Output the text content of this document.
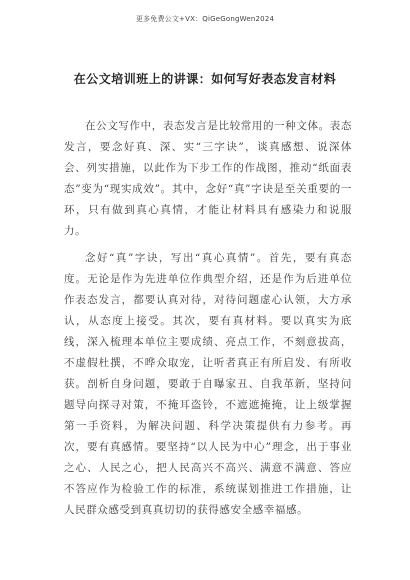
更多免费公文+VX：QiGeGongWen2024
在公文培训班上的讲课：如何写好表态发言材料

在公文写作中，表态发言是比较常用的一种文体。表态发言，要念好真、深、实“三字诀”，谈真感想、说深体会、列实措施，以此作为下步工作的作战图，推动“纸面表态”变为“现实成效”。其中，念好“真”字诀是至关重要的一环，只有做到真心真情，才能让材料具有感染力和说服力。

念好“真”字诀，写出“真心真情”。首先，要有真态度。无论是作为先进单位作典型介绍，还是作为后进单位作表态发言，都要认真对待，对待问题虚心认领，大方承认，从态度上接受。其次，要有真材料。要以真实为底线，深入梳理本单位主要成绩、亮点工作，不刻意拔高，不虚假杜撰，不哗众取宠，让听者真正有所启发、有所收获。剖析自身问题，要敢于自曝家丑、自我革新，坚持问题导向探寻对策，不掩耳盗铃，不遮遮掩掩，让上级掌握第一手资料，为解决问题、科学决策提供有力参考。再次，要有真感情。要坚持“以人民为中心”理念，出于事业之心、人民之心，把人民高兴不高兴、满意不满意、答应不答应作为检验工作的标准，系统谋划推进工作措施，让人民群众感受到真真切切的获得感安全感幸福感。
